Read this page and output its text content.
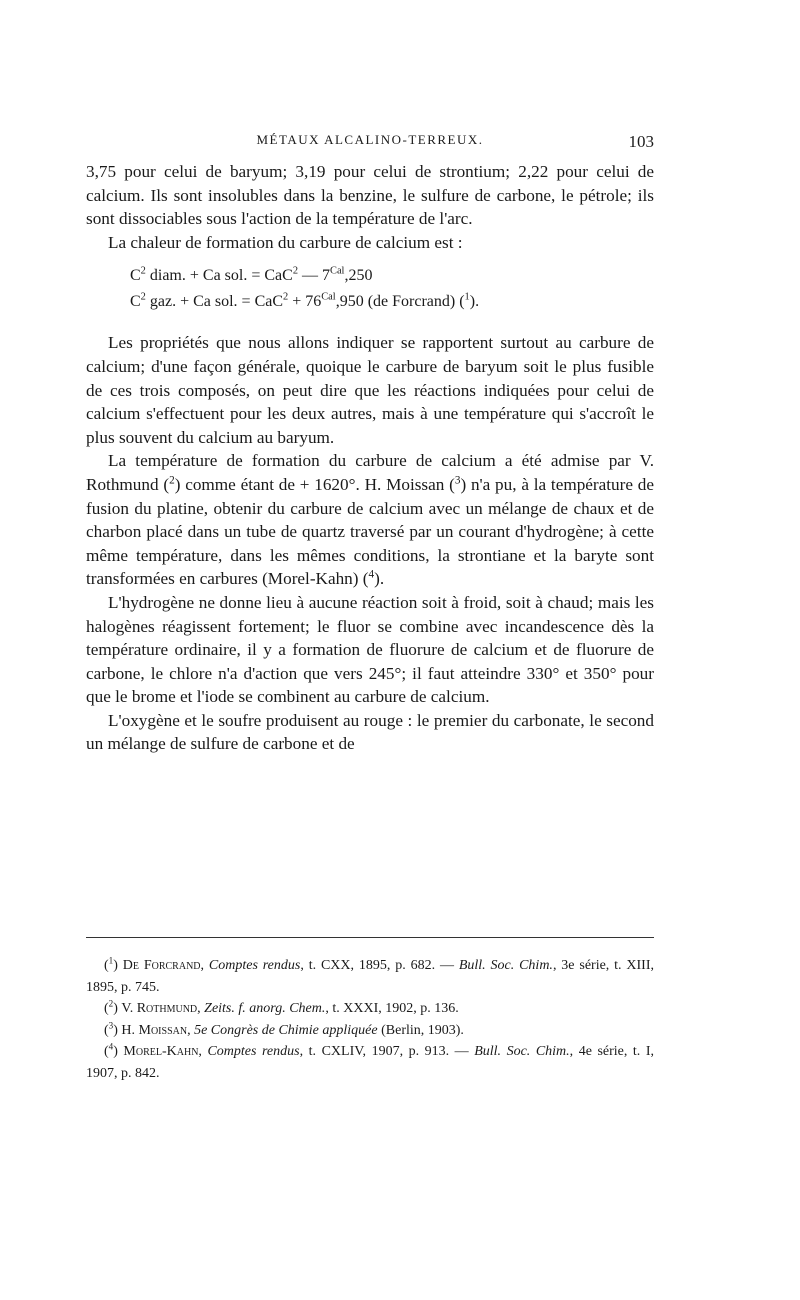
MÉTAUX ALCALINO-TERREUX.	103

3,75 pour celui de baryum; 3,19 pour celui de strontium; 2,22 pour celui de calcium. Ils sont insolubles dans la benzine, le sulfure de carbone, le pétrole; ils sont dissociables sous l'action de la température de l'arc.

La chaleur de formation du carbure de calcium est :

$C^2$ diam. + Ca sol. = CaC$^2$ — $7^{Cal},250$
$C^2$ gaz. + Ca sol. = $CaC^2 + 76^{Cal},950$ (de Forcrand) ($^1$).

Les propriétés que nous allons indiquer se rapportent surtout au carbure de calcium; d'une façon générale, quoique le carbure de baryum soit le plus fusible de ces trois composés, on peut dire que les réactions indiquées pour celui de calcium s'effectuent pour les deux autres, mais à une température qui s'accroît le plus souvent du calcium au baryum.

La température de formation du carbure de calcium a été admise par V. Rothmund ($^2$) comme étant de + 1620°. H. Moissan ($^3$) n'a pu, à la température de fusion du platine, obtenir du carbure de calcium avec un mélange de chaux et de charbon placé dans un tube de quartz traversé par un courant d'hydrogène; à cette même température, dans les mêmes conditions, la strontiane et la baryte sont transformées en carbures (Morel-Kahn) ($^4$).

L'hydrogène ne donne lieu à aucune réaction soit à froid, soit à chaud; mais les halogènes réagissent fortement; le fluor se combine avec incandescence dès la température ordinaire, il y a formation de fluorure de calcium et de fluorure de carbone, le chlore n'a d'action que vers 245°; il faut atteindre 330° et 350° pour que le brome et l'iode se combinent au carbure de calcium.

L'oxygène et le soufre produisent au rouge : le premier du carbonate, le second un mélange de sulfure de carbone et de

($^1$) De Forcrand, Comptes rendus, t. CXX, 1895, p. 682. — Bull. Soc. Chim., 3e série, t. XIII, 1895, p. 745.

($^2$) V. Rothmund, Zeits. f. anorg. Chem., t. XXXI, 1902, p. 136.

($^3$) H. Moissan, 5e Congrès de Chimie appliquée (Berlin, 1903).

($^4$) Morel-Kahn, Comptes rendus, t. CXLIV, 1907, p. 913. — Bull. Soc. Chim., 4e série, t. I, 1907, p. 842.
